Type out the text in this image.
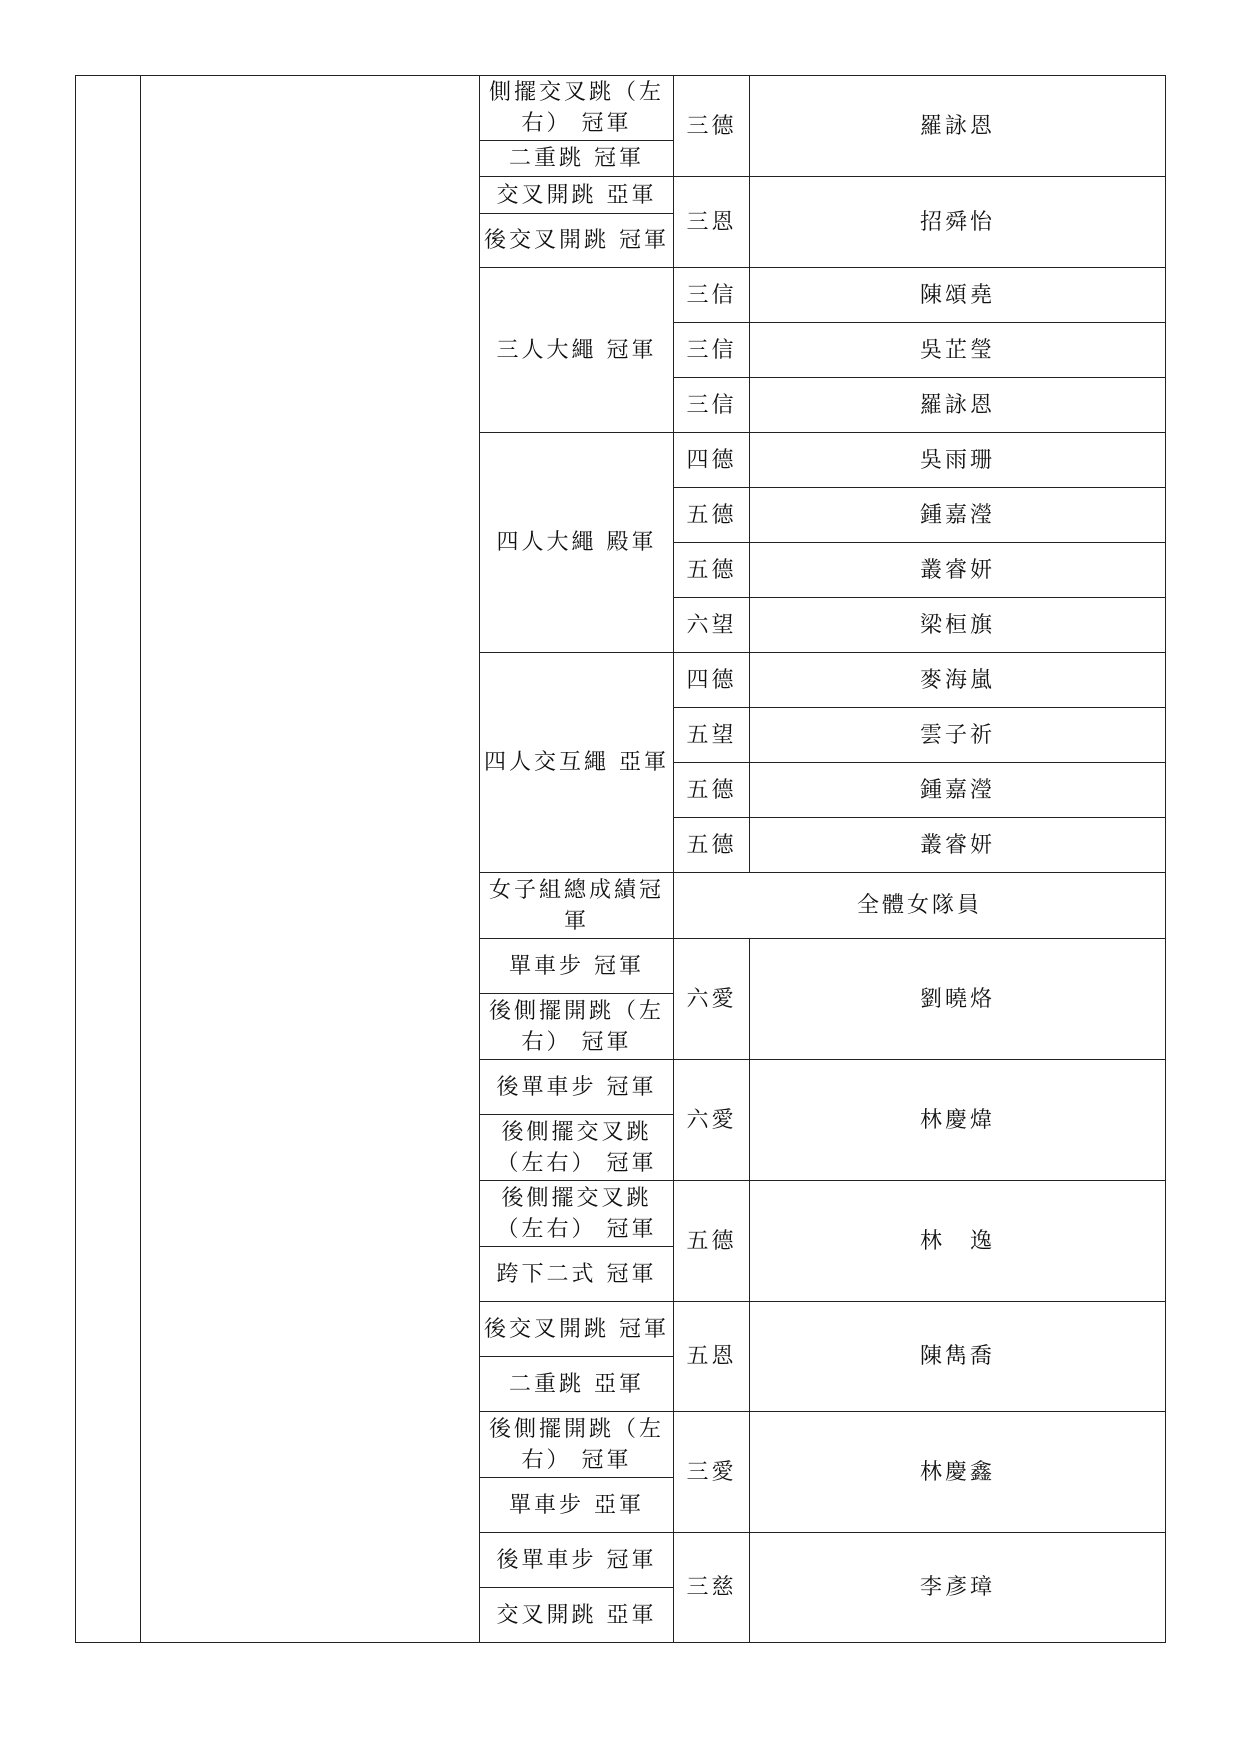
		側擺交叉跳（左右） 冠軍	三德	羅詠恩
		二重跳 冠軍		
		交叉開跳 亞軍	三恩	招舜怡
		後交叉開跳 冠軍		
		三人大繩 冠軍	三信	陳頌堯
			三信	吳芷瑩
			三信	羅詠恩
		四人大繩 殿軍	四德	吳雨珊
			五德	鍾嘉瀅
			五德	叢睿妍
			六望	梁桓旗
		四人交互繩 亞軍	四德	麥海嵐
			五望	雲子祈
			五德	鍾嘉瀅
			五德	叢睿妍
		女子組總成績冠軍	全體女隊員	
		單車步 冠軍	六愛	劉曉烙
		後側擺開跳（左右） 冠軍		
		後單車步 冠軍	六愛	林慶煒
		後側擺交叉跳（左右） 冠軍		
		後側擺交叉跳（左右） 冠軍	五德	林　逸
		跨下二式 冠軍		
		後交叉開跳 冠軍	五恩	陳雋喬
		二重跳 亞軍		
		後側擺開跳（左右） 冠軍	三愛	林慶鑫
		單車步 亞軍		
		後單車步 冠軍	三慈	李彥璋
		交叉開跳 亞軍		
